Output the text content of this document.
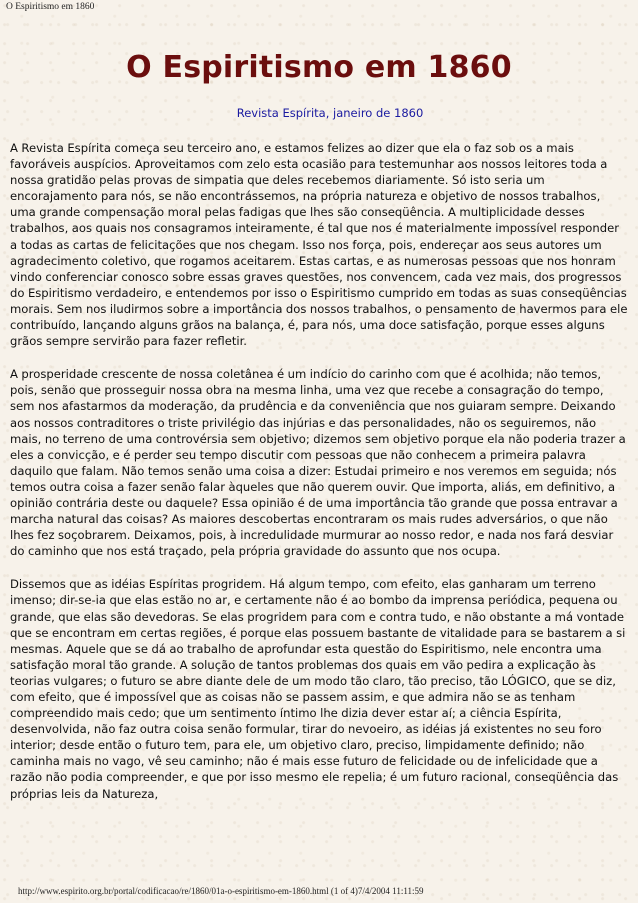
O Espiritismo em 1860
O Espiritismo em 1860
Revista Espírita, janeiro de 1860

A Revista Espírita começa seu terceiro ano, e estamos felizes ao dizer que ela o faz sob os a mais favoráveis auspícios. Aproveitamos com zelo esta ocasião para testemunhar aos nossos leitores toda a nossa gratidão pelas provas de simpatia que deles recebemos diariamente. Só isto seria um encorajamento para nós, se não encontrássemos, na própria natureza e objetivo de nossos trabalhos, uma grande compensação moral pelas fadigas que lhes são conseqüência. A multiplicidade desses trabalhos, aos quais nos consagramos inteiramente, é tal que nos é materialmente impossível responder a todas as cartas de felicitações que nos chegam. Isso nos força, pois, endereçar aos seus autores um agradecimento coletivo, que rogamos aceitarem. Estas cartas, e as numerosas pessoas que nos honram vindo conferenciar conosco sobre essas graves questões, nos convencem, cada vez mais, dos progressos do Espiritismo verdadeiro, e entendemos por isso o Espiritismo cumprido em todas as suas conseqüências morais. Sem nos iludirmos sobre a importância dos nossos trabalhos, o pensamento de havermos para ele contribuído, lançando alguns grãos na balança, é, para nós, uma doce satisfação, porque esses alguns grãos sempre servirão para fazer refletir.

A prosperidade crescente de nossa coletânea é um indício do carinho com que é acolhida; não temos, pois, senão que prosseguir nossa obra na mesma linha, uma vez que recebe a consagração do tempo, sem nos afastarmos da moderação, da prudência e da conveniência que nos guiaram sempre. Deixando aos nossos contraditores o triste privilégio das injúrias e das personalidades, não os seguiremos, não mais, no terreno de uma controvérsia sem objetivo; dizemos sem objetivo porque ela não poderia trazer a eles a convicção, e é perder seu tempo discutir com pessoas que não conhecem a primeira palavra daquilo que falam. Não temos senão uma coisa a dizer: Estudai primeiro e nos veremos em seguida; nós temos outra coisa a fazer senão falar àqueles que não querem ouvir. Que importa, aliás, em definitivo, a opinião contrária deste ou daquele? Essa opinião é de uma importância tão grande que possa entravar a marcha natural das coisas? As maiores descobertas encontraram os mais rudes adversários, o que não lhes fez soçobrarem. Deixamos, pois, à incredulidade murmurar ao nosso redor, e nada nos fará desviar do caminho que nos está traçado, pela própria gravidade do assunto que nos ocupa.

Dissemos que as idéias Espíritas progridem. Há algum tempo, com efeito, elas ganharam um terreno imenso; dir-se-ia que elas estão no ar, e certamente não é ao bombo da imprensa periódica, pequena ou grande, que elas são devedoras. Se elas progridem para com e contra tudo, e não obstante a má vontade que se encontram em certas regiões, é porque elas possuem bastante de vitalidade para se bastarem a si mesmas. Aquele que se dá ao trabalho de aprofundar esta questão do Espiritismo, nele encontra uma satisfação moral tão grande. A solução de tantos problemas dos quais em vão pedira a explicação às teorias vulgares; o futuro se abre diante dele de um modo tão claro, tão preciso, tão LÓGICO, que se diz, com efeito, que é impossível que as coisas não se passem assim, e que admira não se as tenham compreendido mais cedo; que um sentimento íntimo lhe dizia dever estar aí; a ciência Espírita, desenvolvida, não faz outra coisa senão formular, tirar do nevoeiro, as idéias já existentes no seu foro interior; desde então o futuro tem, para ele, um objetivo claro, preciso, limpidamente definido; não caminha mais no vago, vê seu caminho; não é mais esse futuro de felicidade ou de infelicidade que a razão não podia compreender, e que por isso mesmo ele repelia; é um futuro racional, conseqüência das próprias leis da Natureza,

http://www.espirito.org.br/portal/codificacao/re/1860/01a-o-espiritismo-em-1860.html (1 of 4)7/4/2004 11:11:59
